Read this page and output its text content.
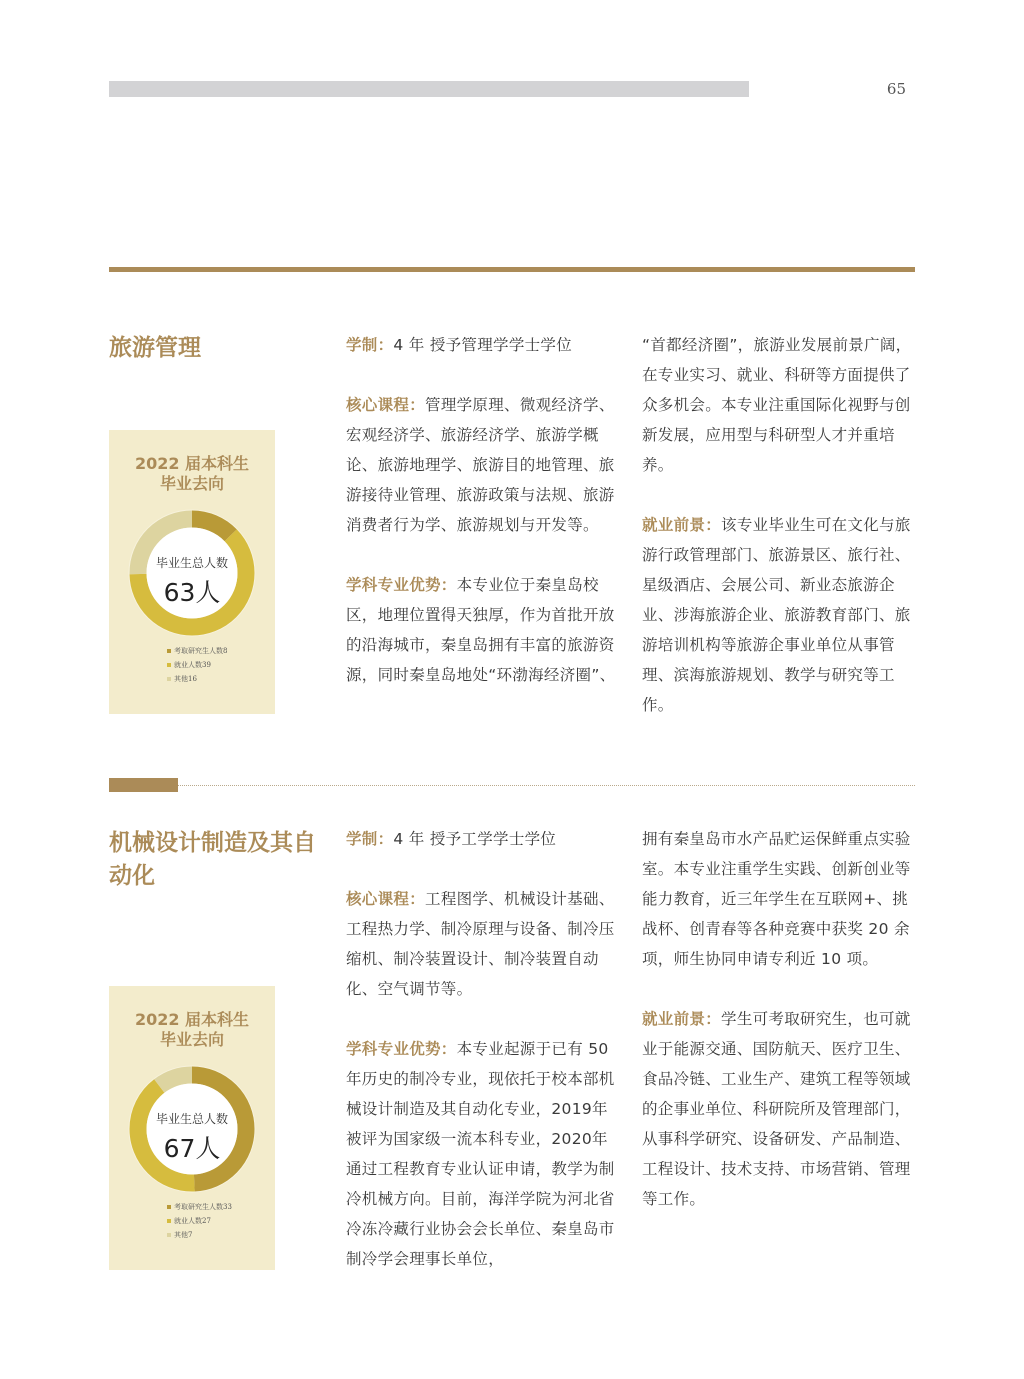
65
旅游管理
2022 届本科生
毕业去向
毕业生总人数
63人
考取研究生人数8
就业人数39
其他16

学制：4 年 授予管理学学士学位

核心课程：管理学原理、微观经济学、宏观经济学、旅游经济学、旅游学概论、旅游地理学、旅游目的地管理、旅游接待业管理、旅游政策与法规、旅游消费者行为学、旅游规划与开发等。

学科专业优势：本专业位于秦皇岛校区，地理位置得天独厚，作为首批开放的沿海城市，秦皇岛拥有丰富的旅游资源，同时秦皇岛地处“环渤海经济圈”、

“首都经济圈”，旅游业发展前景广阔，在专业实习、就业、科研等方面提供了众多机会。本专业注重国际化视野与创新发展，应用型与科研型人才并重培养。

就业前景：该专业毕业生可在文化与旅游行政管理部门、旅游景区、旅行社、星级酒店、会展公司、新业态旅游企业、涉海旅游企业、旅游教育部门、旅游培训机构等旅游企事业单位从事管理、滨海旅游规划、教学与研究等工作。

机械设计制造及其自动化
2022 届本科生
毕业去向
毕业生总人数
67人
考取研究生人数33
就业人数27
其他7

学制：4 年 授予工学学士学位

核心课程：工程图学、机械设计基础、工程热力学、制冷原理与设备、制冷压缩机、制冷装置设计、制冷装置自动化、空气调节等。

学科专业优势：本专业起源于已有 50 年历史的制冷专业，现依托于校本部机械设计制造及其自动化专业，2019年被评为国家级一流本科专业，2020年通过工程教育专业认证申请，教学为制冷机械方向。目前，海洋学院为河北省冷冻冷藏行业协会会长单位、秦皇岛市制冷学会理事长单位，

拥有秦皇岛市水产品贮运保鲜重点实验室。本专业注重学生实践、创新创业等能力教育，近三年学生在互联网+、挑战杯、创青春等各种竞赛中获奖 20 余项，师生协同申请专利近 10 项。

就业前景：学生可考取研究生，也可就业于能源交通、国防航天、医疗卫生、食品冷链、工业生产、建筑工程等领域的企事业单位、科研院所及管理部门，从事科学研究、设备研发、产品制造、工程设计、技术支持、市场营销、管理等工作。
